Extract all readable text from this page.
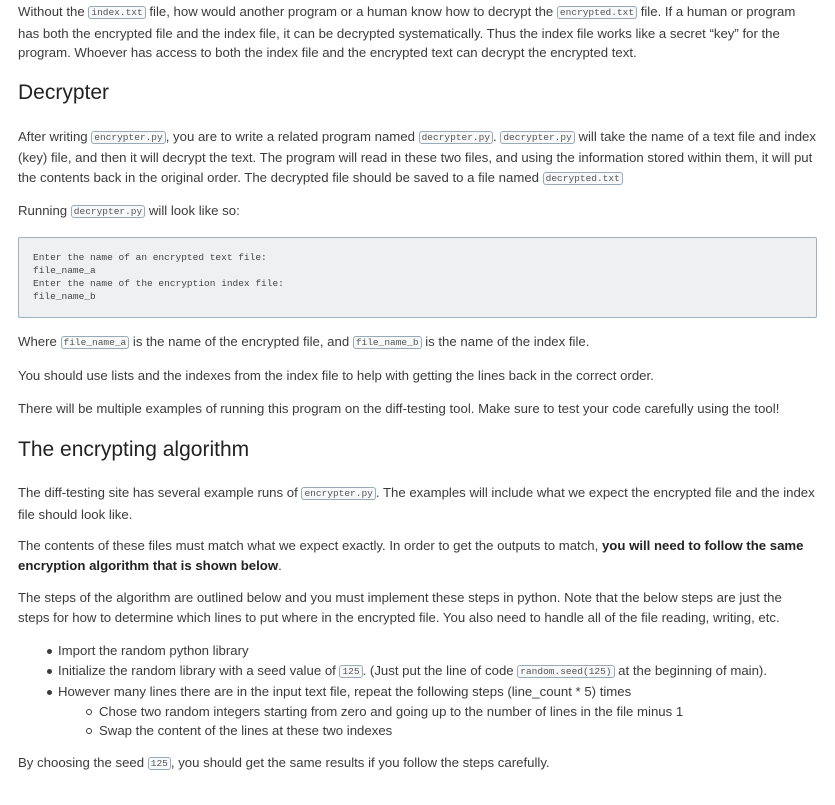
Without the index.txt file, how would another program or a human know how to decrypt the encrypted.txt file. If a human or program has both the encrypted file and the index file, it can be decrypted systematically. Thus the index file works like a secret “key” for the program. Whoever has access to both the index file and the encrypted text can decrypt the encrypted text.

Decrypter

After writing encrypter.py , you are to write a related program named decrypter.py . decrypter.py will take the name of a text file and index (key) file, and then it will decrypt the text. The program will read in these two files, and using the information stored within them, it will put the contents back in the original order. The decrypted file should be saved to a file named decrypted.txt

Running decrypter.py will look like so:

Enter the name of an encrypted text file:
file_name_a
Enter the name of the encryption index file:
file_name_b

Where file_name_a is the name of the encrypted file, and file_name_b is the name of the index file.

You should use lists and the indexes from the index file to help with getting the lines back in the correct order.

There will be multiple examples of running this program on the diff-testing tool. Make sure to test your code carefully using the tool!

The encrypting algorithm

The diff-testing site has several example runs of encrypter.py . The examples will include what we expect the encrypted file and the index file should look like.

The contents of these files must match what we expect exactly. In order to get the outputs to match, you will need to follow the same encryption algorithm that is shown below.

The steps of the algorithm are outlined below and you must implement these steps in python. Note that the below steps are just the steps for how to determine which lines to put where in the encrypted file. You also need to handle all of the file reading, writing, etc.

Import the random python library
Initialize the random library with a seed value of 125 . (Just put the line of code random.seed(125) at the beginning of main).
However many lines there are in the input text file, repeat the following steps (line_count * 5) times
Chose two random integers starting from zero and going up to the number of lines in the file minus 1
Swap the content of the lines at these two indexes

By choosing the seed 125 , you should get the same results if you follow the steps carefully.
